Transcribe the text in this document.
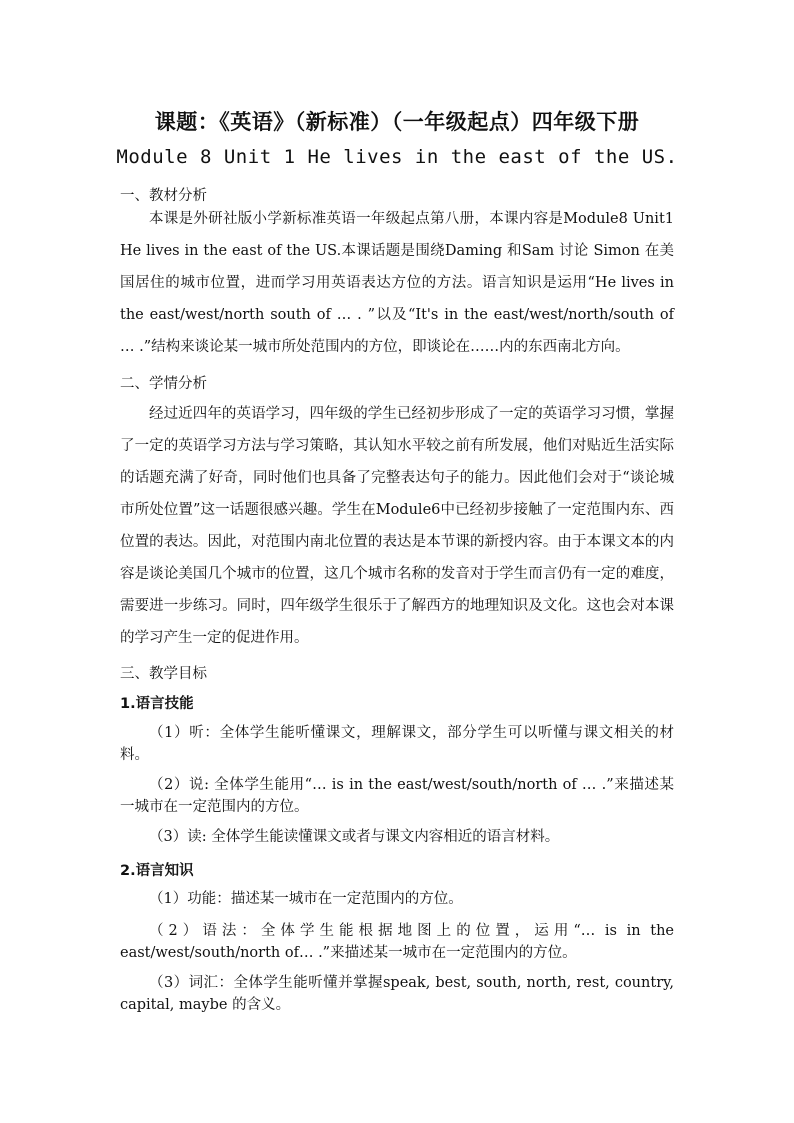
课题：《英语》（新标准）（一年级起点）四年级下册
Module 8 Unit 1 He lives in the east of the US.
一、教材分析
本课是外研社版小学新标准英语一年级起点第八册，本课内容是Module8 Unit1 He lives in the east of the US.本课话题是围绕Daming 和Sam 讨论 Simon 在美国居住的城市位置，进而学习用英语表达方位的方法。语言知识是运用“He lives in the east/west/north south of … . ”以及“It's in the east/west/north/south of … .”结构来谈论某一城市所处范围内的方位，即谈论在……内的东西南北方向。
二、学情分析
经过近四年的英语学习，四年级的学生已经初步形成了一定的英语学习习惯，掌握了一定的英语学习方法与学习策略，其认知水平较之前有所发展，他们对贴近生活实际的话题充满了好奇，同时他们也具备了完整表达句子的能力。因此他们会对于“谈论城市所处位置”这一话题很感兴趣。学生在Module6中已经初步接触了一定范围内东、西位置的表达。因此，对范围内南北位置的表达是本节课的新授内容。由于本课文本的内容是谈论美国几个城市的位置，这几个城市名称的发音对于学生而言仍有一定的难度，需要进一步练习。同时，四年级学生很乐于了解西方的地理知识及文化。这也会对本课的学习产生一定的促进作用。
三、教学目标
1.语言技能
（1）听：全体学生能听懂课文，理解课文，部分学生可以听懂与课文相关的材料。
（2）说: 全体学生能用“… is in the east/west/south/north of … .”来描述某一城市在一定范围内的方位。
（3）读: 全体学生能读懂课文或者与课文内容相近的语言材料。
2.语言知识
（1）功能：描述某一城市在一定范围内的方位。
（2）语法：全体学生能根据地图上的位置，运用“… is in the east/west/south/north of… .”来描述某一城市在一定范围内的方位。
（3）词汇：全体学生能听懂并掌握speak, best, south, north, rest, country, capital, maybe 的含义。
